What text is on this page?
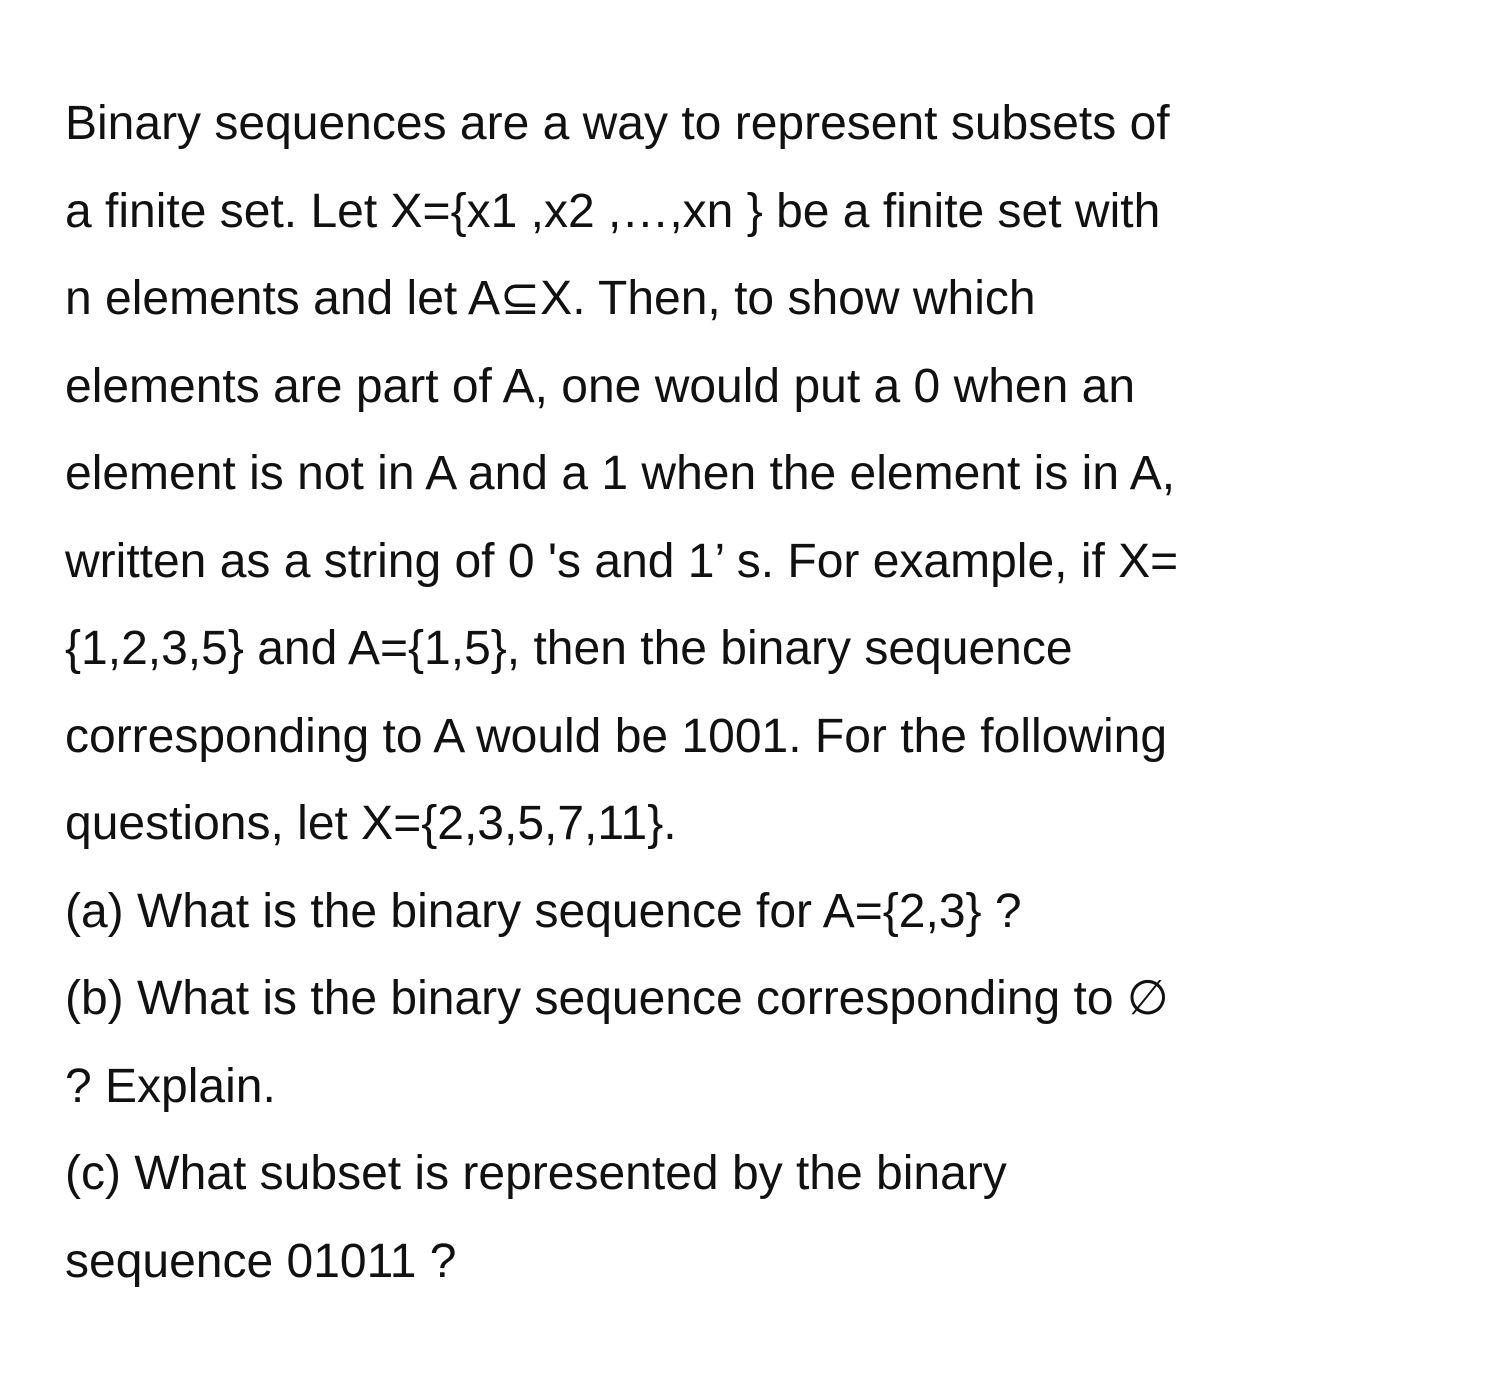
Binary sequences are a way to represent subsets of
a finite set. Let X={x1 ,x2 ,…,xn } be a finite set with
n elements and let A⊆X. Then, to show which
elements are part of A, one would put a 0 when an
element is not in A and a 1 when the element is in A,
written as a string of 0 's and 1’ s. For example, if X=
{1,2,3,5} and A={1,5}, then the binary sequence
corresponding to A would be 1001. For the following
questions, let X={2,3,5,7,11}.
(a) What is the binary sequence for A={2,3} ?
(b) What is the binary sequence corresponding to ∅
? Explain.
(c) What subset is represented by the binary
sequence 01011 ?
